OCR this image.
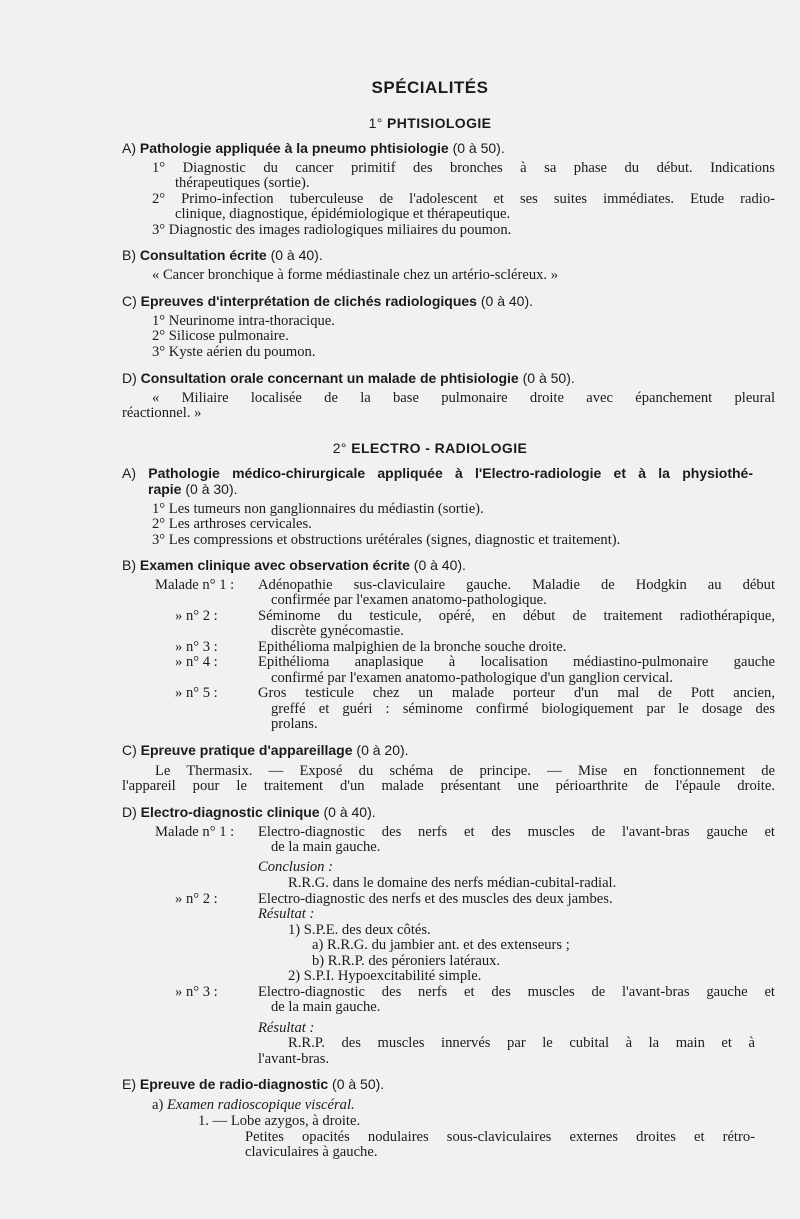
SPÉCIALITÉS
1° PHTISIOLOGIE
A) Pathologie appliquée à la pneumo phtisiologie (0 à 50).
1° Diagnostic du cancer primitif des bronches à sa phase du début. Indications
thérapeutiques (sortie).
2° Primo-infection tuberculeuse de l'adolescent et ses suites immédiates. Etude radio-
clinique, diagnostique, épidémiologique et thérapeutique.
3° Diagnostic des images radiologiques miliaires du poumon.
B) Consultation écrite (0 à 40).
« Cancer bronchique à forme médiastinale chez un artério-scléreux. »
C) Epreuves d'interprétation de clichés radiologiques (0 à 40).
1° Neurinome intra-thoracique.
2° Silicose pulmonaire.
3° Kyste aérien du poumon.
D) Consultation orale concernant un malade de phtisiologie (0 à 50).
« Miliaire localisée de la base pulmonaire droite avec épanchement pleural
réactionnel. »
2° ELECTRO - RADIOLOGIE
A) Pathologie médico-chirurgicale appliquée à l'Electro-radiologie et à la physiothé-
rapie (0 à 30).
1° Les tumeurs non ganglionnaires du médiastin (sortie).
2° Les arthroses cervicales.
3° Les compressions et obstructions urétérales (signes, diagnostic et traitement).
B) Examen clinique avec observation écrite (0 à 40).
Malade n° 1 : Adénopathie sus-claviculaire gauche. Maladie de Hodgkin au début
confirmée par l'examen anatomo-pathologique.
» n° 2 :	Séminome du testicule, opéré, en début de traitement radiothérapique,
discrète gynécomastie.
» n° 3 :	Epithélioma malpighien de la bronche souche droite.
» n° 4 :	Epithélioma anaplasique à localisation médiastino-pulmonaire gauche
confirmé par l'examen anatomo-pathologique d'un ganglion cervical.
» n° 5 :	Gros testicule chez un malade porteur d'un mal de Pott ancien,
greffé et guéri : séminome confirmé biologiquement par le dosage des
prolans.
C) Epreuve pratique d'appareillage (0 à 20).
Le Thermasix. — Exposé du schéma de principe. — Mise en fonctionnement de
l'appareil pour le traitement d'un malade présentant une périoarthrite de l'épaule droite.
D) Electro-diagnostic clinique (0 à 40).
Malade n° 1 : Electro-diagnostic des nerfs et des muscles de l'avant-bras gauche et
de la main gauche.
Conclusion :
R.R.G. dans le domaine des nerfs médian-cubital-radial.
» n° 2 :	Electro-diagnostic des nerfs et des muscles des deux jambes.
Résultat :
1) S.P.E. des deux côtés.
a) R.R.G. du jambier ant. et des extenseurs ;
b) R.R.P. des péroniers latéraux.
2) S.P.I. Hypoexcitabilité simple.
» n° 3 :	Electro-diagnostic des nerfs et des muscles de l'avant-bras gauche et
de la main gauche.
Résultat :
R.R.P. des muscles innervés par le cubital à la main et à
l'avant-bras.
E) Epreuve de radio-diagnostic (0 à 50).
a) Examen radioscopique viscéral.
1. — Lobe azygos, à droite.
Petites opacités nodulaires sous-claviculaires externes droites et rétro-
claviculaires à gauche.
